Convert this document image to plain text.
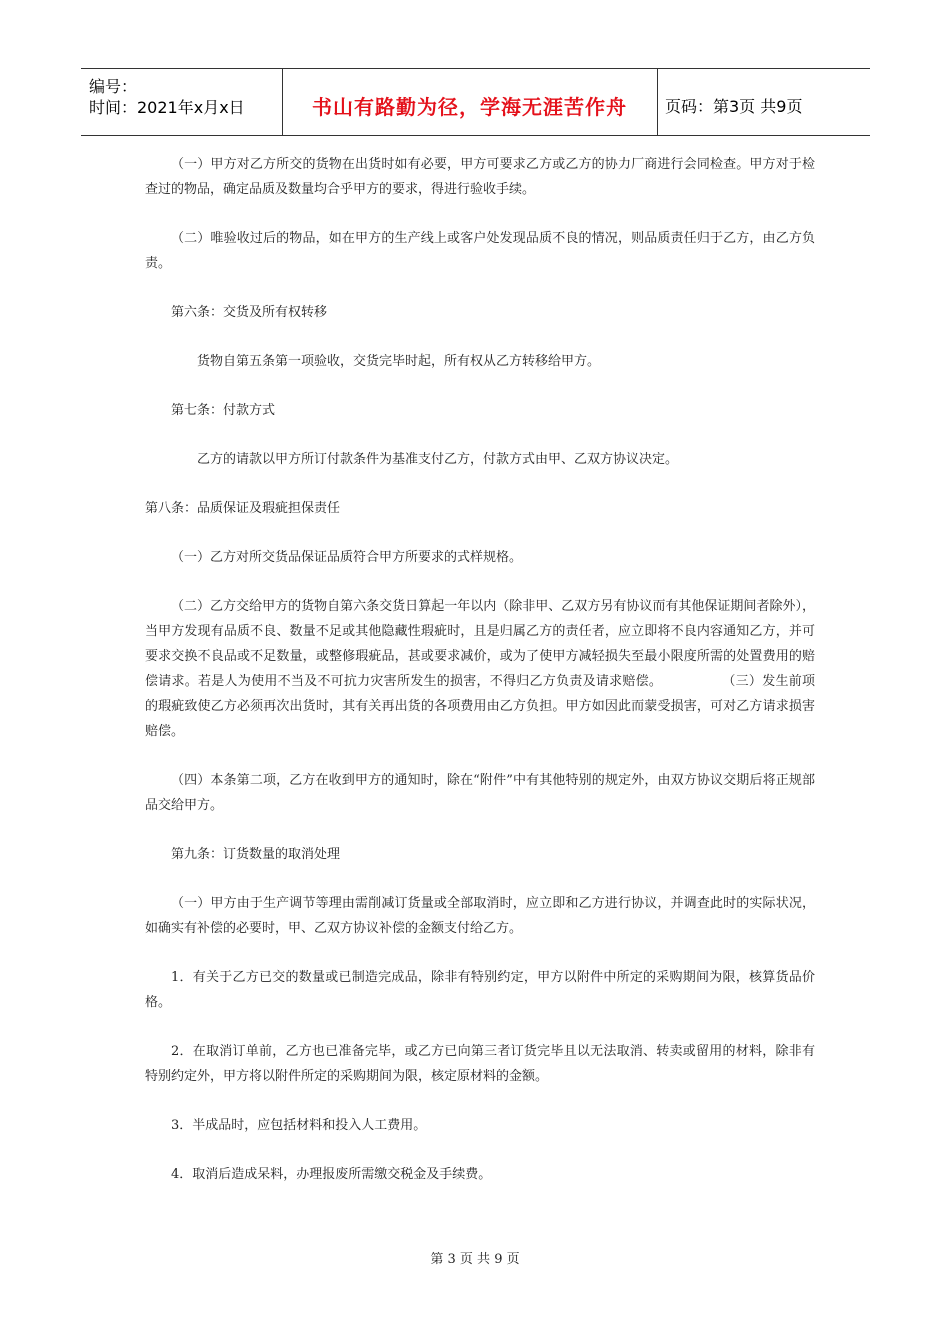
编号：
时间：2021年x月x日	书山有路勤为径，学海无涯苦作舟	页码：第3页 共9页

（一）甲方对乙方所交的货物在出货时如有必要，甲方可要求乙方或乙方的协力厂商进行会同检查。甲方对于检查过的物品，确定品质及数量均合乎甲方的要求，得进行验收手续。

（二）唯验收过后的物品，如在甲方的生产线上或客户处发现品质不良的情况，则品质责任归于乙方，由乙方负责。

第六条：交货及所有权转移

货物自第五条第一项验收，交货完毕时起，所有权从乙方转移给甲方。

第七条：付款方式

乙方的请款以甲方所订付款条件为基准支付乙方，付款方式由甲、乙双方协议决定。

第八条：品质保证及瑕疵担保责任

（一）乙方对所交货品保证品质符合甲方所要求的式样规格。

（二）乙方交给甲方的货物自第六条交货日算起一年以内（除非甲、乙双方另有协议而有其他保证期间者除外），当甲方发现有品质不良、数量不足或其他隐藏性瑕疵时，且是归属乙方的责任者，应立即将不良内容通知乙方，并可要求交换不良品或不足数量，或整修瑕疵品，甚或要求减价，或为了使甲方减轻损失至最小限度所需的处置费用的赔偿请求。若是人为使用不当及不可抗力灾害所发生的损害，不得归乙方负责及请求赔偿。	（三）发生前项的瑕疵致使乙方必须再次出货时，其有关再出货的各项费用由乙方负担。甲方如因此而蒙受损害，可对乙方请求损害赔偿。

（四）本条第二项，乙方在收到甲方的通知时，除在“附件”中有其他特别的规定外，由双方协议交期后将正规部品交给甲方。

第九条：订货数量的取消处理

（一）甲方由于生产调节等理由需削减订货量或全部取消时，应立即和乙方进行协议，并调查此时的实际状况，如确实有补偿的必要时，甲、乙双方协议补偿的金额支付给乙方。

1．有关于乙方已交的数量或已制造完成品，除非有特别约定，甲方以附件中所定的采购期间为限，核算货品价格。

2．在取消订单前，乙方也已准备完毕，或乙方已向第三者订货完毕且以无法取消、转卖或留用的材料，除非有特别约定外，甲方将以附件所定的采购期间为限，核定原材料的金额。

3．半成品时，应包括材料和投入人工费用。

4．取消后造成呆料，办理报废所需缴交税金及手续费。

第 3 页 共 9 页
